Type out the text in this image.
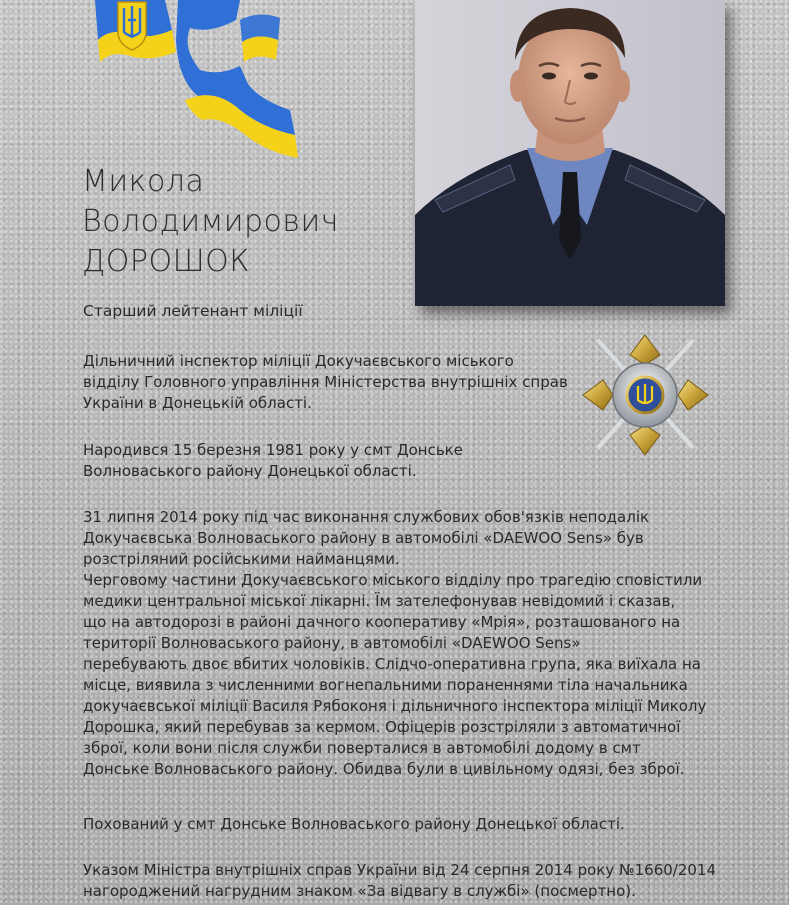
Микола
Володимирович
ДОРОШОК
Старший лейтенант міліції
Дільничний інспектор міліції Докучаєвського міського
відділу Головного управління Міністерства внутрішніх справ
України в Донецькій області.
Народився 15 березня 1981 року у смт Донське
Волноваського району Донецької області.
31 липня 2014 року під час виконання службових обов'язків неподалік
Докучаєвська Волноваського району в автомобілі «DAEWOO Sens» був
розстріляний російськими найманцями.
Черговому частини Докучаєвського міського відділу про трагедію сповістили
медики центральної міської лікарні. Їм зателефонував невідомий і сказав,
що на автодорозі в районі дачного кооперативу «Мрія», розташованого на
території Волноваського району, в автомобілі «DAEWOO Sens»
перебувають двоє вбитих чоловіків. Слідчо-оперативна група, яка виїхала на
місце, виявила з численними вогнепальними пораненнями тіла начальника
докучаєвської міліції Василя Рябоконя і дільничного інспектора міліції Миколу
Дорошка, який перебував за кермом. Офіцерів розстріляли з автоматичної
зброї, коли вони після служби поверталися в автомобілі додому в смт
Донське Волноваського району. Обидва були в цивільному одязі, без зброї.
Похований у смт Донське Волноваського району Донецької області.
Указом Міністра внутрішніх справ України від 24 серпня 2014 року №1660/2014
нагороджений нагрудним знаком «За відвагу в службі» (посмертно).
